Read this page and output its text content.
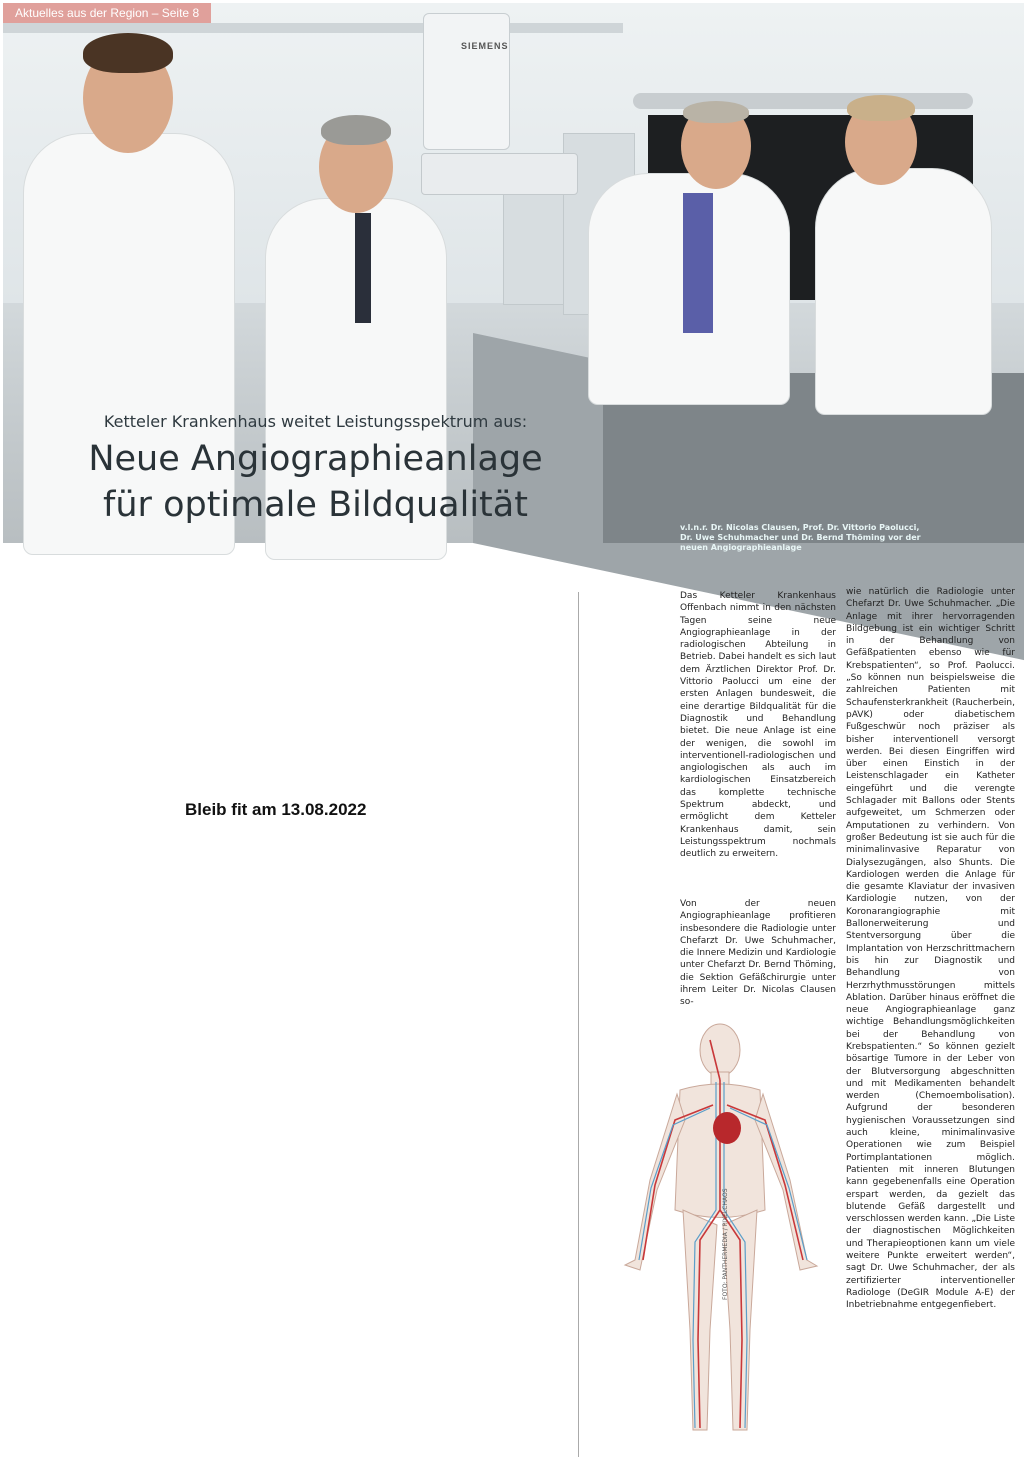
SIEMENS
Ketteler Krankenhaus weitet Leistungsspektrum aus:
Neue Angiographieanlage
für optimale Bildqualität
v.l.n.r. Dr. Nicolas Clausen, Prof. Dr. Vittorio Paolucci,
Dr. Uwe Schuhmacher und Dr. Bernd Thöming vor der
neuen Angiographieanlage
Aktuelles aus der Region – Seite 8
Bleib fit am 13.08.2022
Das Ketteler Krankenhaus Offenbach nimmt in den nächsten Tagen seine neue Angiographieanlage in der radiologischen Abteilung in Betrieb. Dabei handelt es sich laut dem Ärztlichen Direktor Prof. Dr. Vittorio Paolucci um eine der ersten Anlagen bundesweit, die eine derartige Bildqualität für die Diagnostik und Behandlung bietet. Die neue Anlage ist eine der wenigen, die sowohl im interventionell-radiologischen und angiologischen als auch im kardiologischen Einsatzbereich das komplette technische Spektrum abdeckt, und ermöglicht dem Ketteler Krankenhaus damit, sein Leistungsspektrum nochmals deutlich zu erweitern.
Von der neuen Angiographieanlage profitieren insbesondere die Radiologie unter Chefarzt Dr. Uwe Schuhmacher, die Innere Medizin und Kardiologie unter Chefarzt Dr. Bernd Thöming, die Sektion Gefäßchirurgie unter ihrem Leiter Dr. Nicolas Clausen so-
wie natürlich die Radiologie unter Chefarzt Dr. Uwe Schuhmacher. „Die Anlage mit ihrer hervorragenden Bildgebung ist ein wichtiger Schritt in der Behandlung von Gefäßpatienten ebenso wie für Krebspatienten“, so Prof. Paolucci. „So können nun beispielsweise die zahlreichen Patienten mit Schaufensterkrankheit (Raucherbein, pAVK) oder diabetischem Fußgeschwür noch präziser als bisher interventionell versorgt werden. Bei diesen Eingriffen wird über einen Einstich in der Leistenschlagader ein Katheter eingeführt und die verengte Schlagader mit Ballons oder Stents aufgeweitet, um Schmerzen oder Amputationen zu verhindern. Von großer Bedeutung ist sie auch für die minimalinvasive Reparatur von Dialysezugängen, also Shunts. Die Kardiologen werden die Anlage für die gesamte Klaviatur der invasiven Kardiologie nutzen, von der Koronarangiographie mit Ballonerweiterung und Stentversorgung über die Implantation von Herzschrittmachern bis hin zur Diagnostik und Behandlung von Herzrhythmusstörungen mittels Ablation. Darüber hinaus eröffnet die neue Angiographieanlage ganz wichtige Behandlungsmöglichkeiten bei der Behandlung von Krebspatienten.“ So können gezielt bösartige Tumore in der Leber von der Blutversorgung abgeschnitten und mit Medikamenten behandelt werden (Chemoembolisation). Aufgrund der besonderen hygienischen Voraussetzungen sind auch kleine, minimalinvasive Operationen wie zum Beispiel Portimplantationen möglich. Patienten mit inneren Blutungen kann gegebenenfalls eine Operation erspart werden, da gezielt das blutende Gefäß dargestellt und verschlossen werden kann. „Die Liste der diagnostischen Möglichkeiten und Therapieoptionen kann um viele weitere Punkte erweitert werden“, sagt Dr. Uwe Schuhmacher, der als zertifizierter interventioneller Radiologe (DeGIR Module A-E) der Inbetriebnahme entgegenfiebert.
FOTO: PANTHERMEDIA / PIXELCHAOS
